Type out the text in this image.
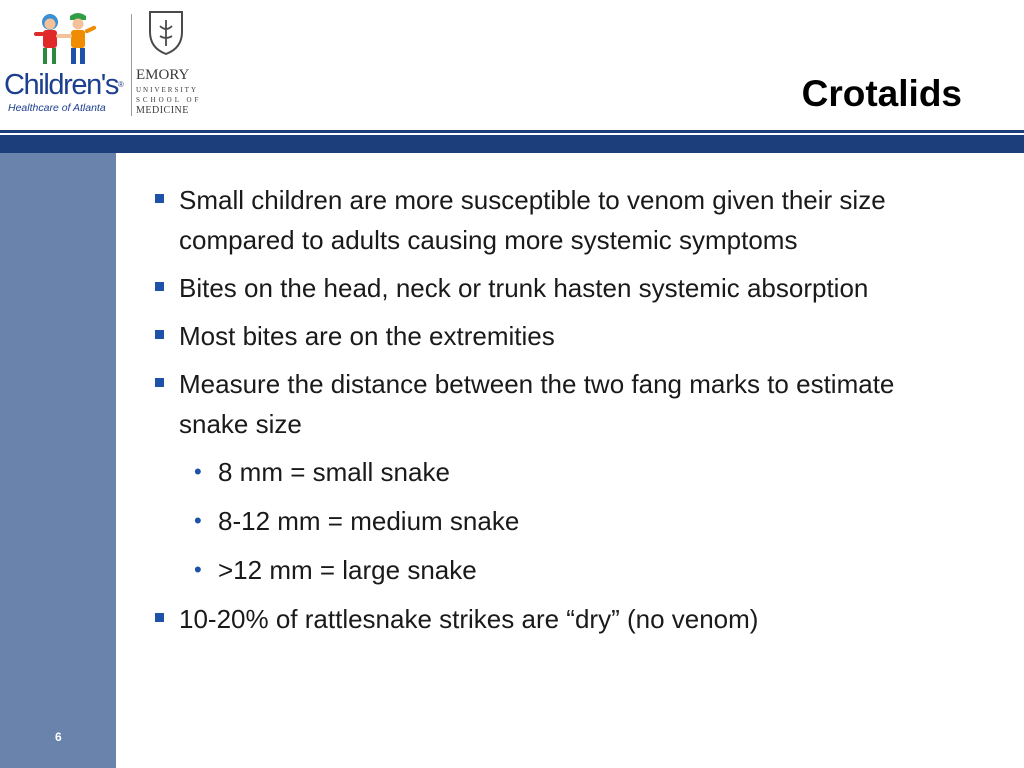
Children's®
Healthcare of Atlanta
EMORY
UNIVERSITY
SCHOOL OF
MEDICINE	Crotalids
6
Small children are more susceptible to venom given their size compared to adults causing more systemic symptoms
Bites on the head, neck or trunk hasten systemic absorption
Most bites are on the extremities
Measure the distance between the two fang marks to estimate snake size
• 8 mm = small snake
• 8-12 mm = medium snake
• >12 mm = large snake
10-20% of rattlesnake strikes are “dry” (no venom)
